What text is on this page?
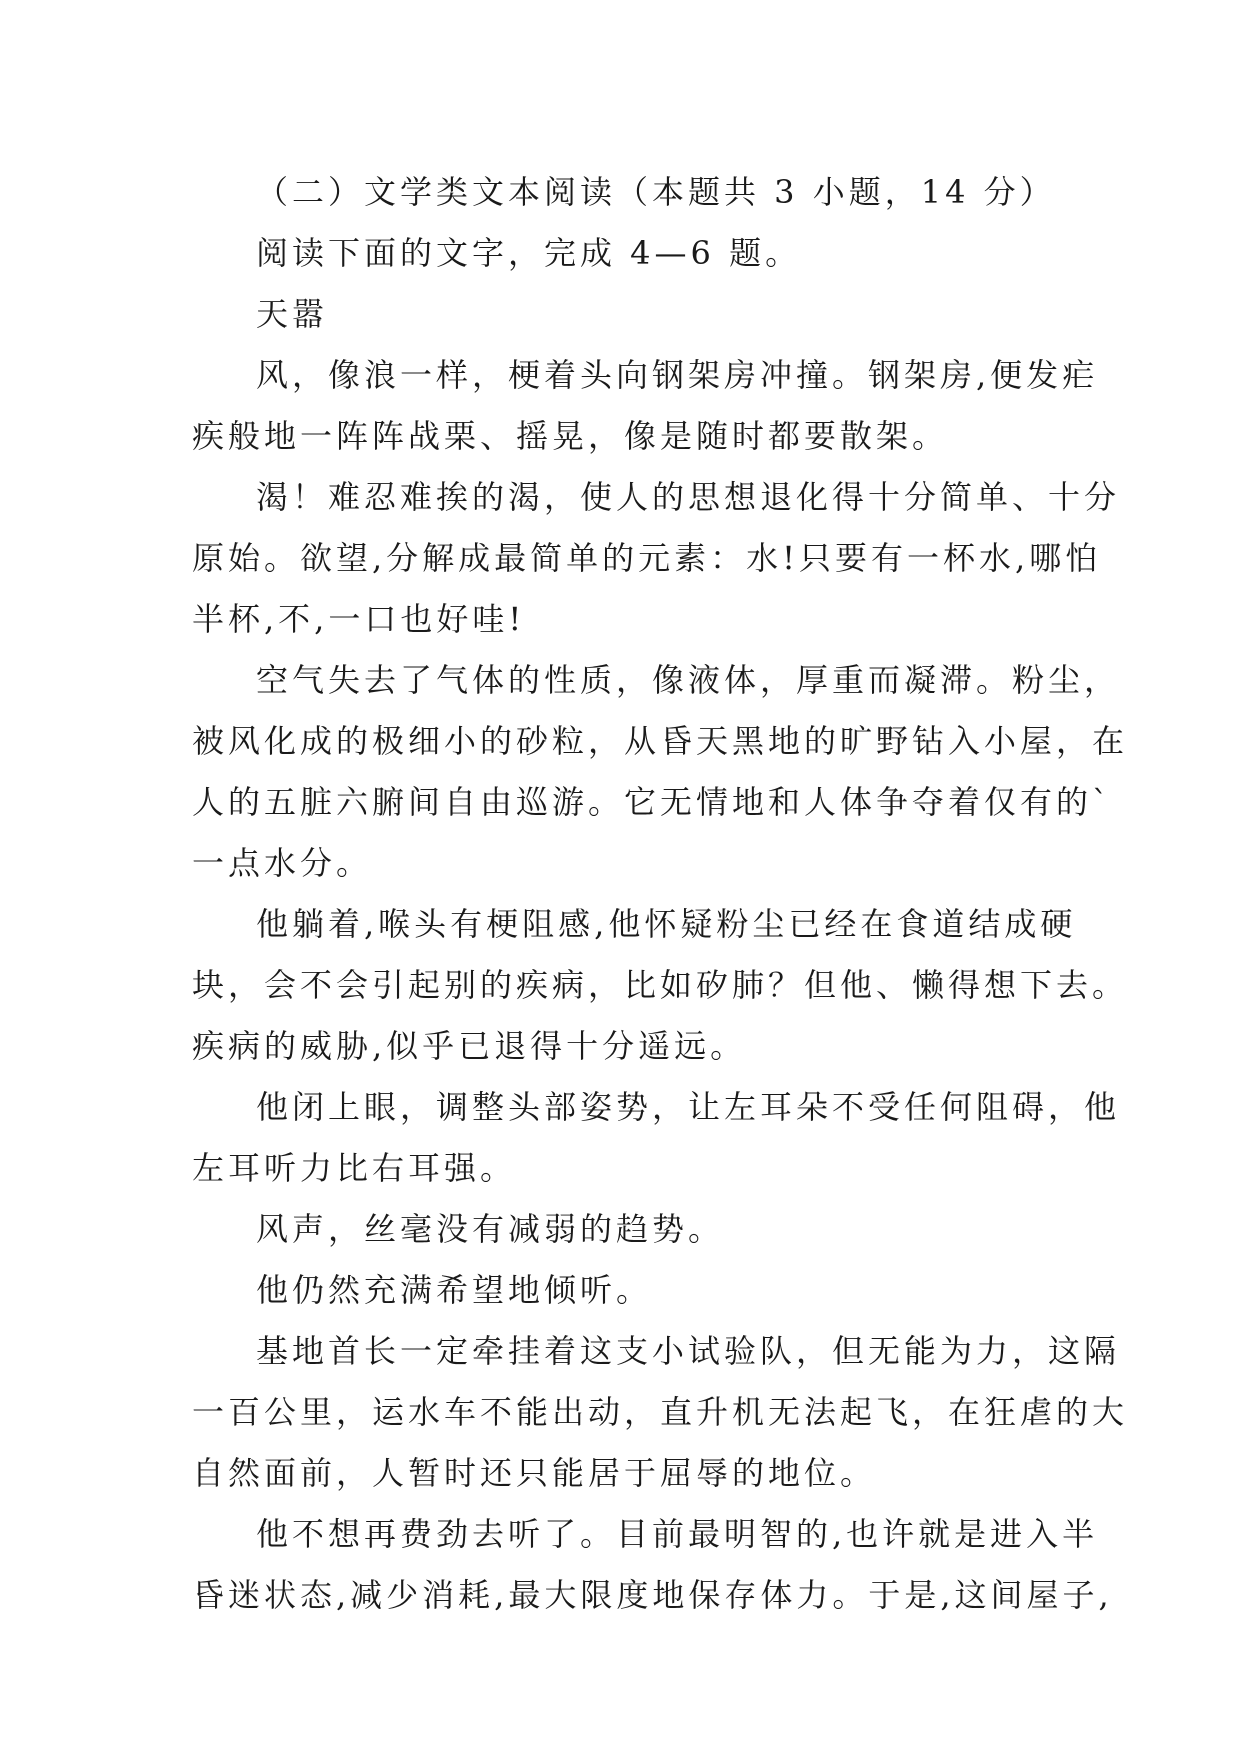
（二）文学类文本阅读（本题共 3 小题，14 分）
阅读下面的文字，完成 4—6 题。
天嚣
风，像浪一样，梗着头向钢架房冲撞。钢架房,便发疟
疾般地一阵阵战栗、摇晃，像是随时都要散架。
渴！难忍难挨的渴，使人的思想退化得十分简单、十分
原始。欲望,分解成最简单的元素：水!只要有一杯水,哪怕
半杯,不,一口也好哇!
空气失去了气体的性质，像液体，厚重而凝滞。粉尘，
被风化成的极细小的砂粒，从昏天黑地的旷野钻入小屋，在
人的五脏六腑间自由巡游。它无情地和人体争夺着仅有的`
一点水分。
他躺着,喉头有梗阻感,他怀疑粉尘已经在食道结成硬
块，会不会引起别的疾病，比如矽肺？但他、懒得想下去。
疾病的威胁,似乎已退得十分遥远。
他闭上眼，调整头部姿势，让左耳朵不受任何阻碍，他
左耳听力比右耳强。
风声，丝毫没有减弱的趋势。
他仍然充满希望地倾听。
基地首长一定牵挂着这支小试验队，但无能为力，这隔
一百公里，运水车不能出动，直升机无法起飞，在狂虐的大
自然面前，人暂时还只能居于屈辱的地位。
他不想再费劲去听了。目前最明智的,也许就是进入半
昏迷状态,减少消耗,最大限度地保存体力。于是,这间屋子,
